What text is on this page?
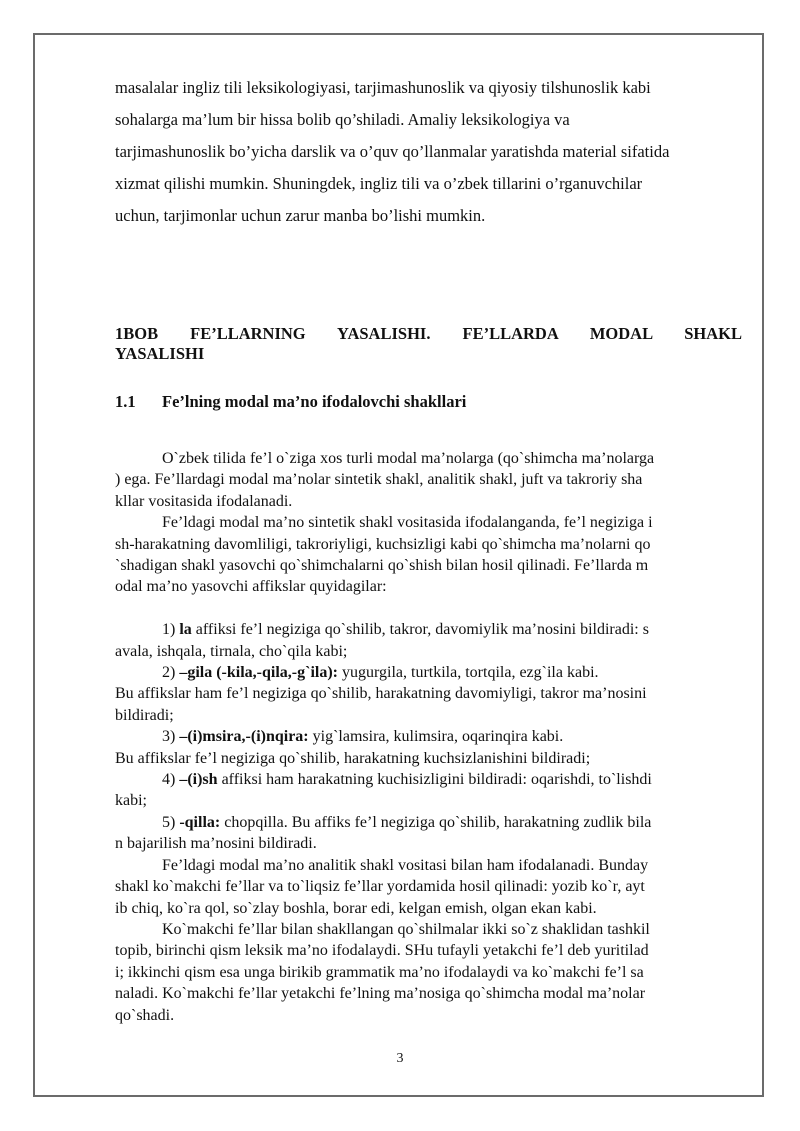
masalalar ingliz tili leksikologiyasi, tarjimashunoslik va qiyosiy tilshunoslik kabi

sohalarga ma’lum bir hissa bolib qo’shiladi. Amaliy leksikologiya va

tarjimashunoslik bo’yicha darslik va o’quv qo’llanmalar yaratishda material sifatida

xizmat qilishi mumkin. Shuningdek, ingliz tili va o’zbek tillarini o’rganuvchilar

uchun, tarjimonlar uchun zarur manba bo’lishi mumkin.

1BOB FE’LLARNING YASALISHI. FE’LLARDA MODAL SHAKL
YASALISHI
1.1 Fe’lning modal ma’no ifodalovchi shakllari
O`zbek tilida fe’l o`ziga xos turli modal ma’nolarga (qo`shimcha ma’nolarga
) ega. Fe’llardagi modal ma’nolar sintetik shakl, analitik shakl, juft va takroriy sha
kllar vositasida ifodalanadi.
Fe’ldagi modal ma’no sintetik shakl vositasida ifodalanganda, fe’l negiziga i
sh-harakatning davomliligi, takroriyligi, kuchsizligi kabi qo`shimcha ma’nolarni qo
`shadigan shakl yasovchi qo`shimchalarni qo`shish bilan hosil qilinadi. Fe’llarda m
odal ma’no yasovchi affikslar quyidagilar:
1) la affiksi fe’l negiziga qo`shilib, takror, davomiylik ma’nosini bildiradi: s
avala, ishqala, tirnala, cho`qila kabi;
2) –gila (-kila,-qila,-g`ila): yugurgila, turtkila, tortqila, ezg`ila kabi.
Bu affikslar ham fe’l negiziga qo`shilib, harakatning davomiyligi, takror ma’nosini
bildiradi;
3) –(i)msira,-(i)nqira: yig`lamsira, kulimsira, oqarinqira kabi.
Bu affikslar fe’l negiziga qo`shilib, harakatning kuchsizlanishini bildiradi;
4) –(i)sh affiksi ham harakatning kuchisizligini bildiradi: oqarishdi, to`lishdi
kabi;
5) -qilla: chopqilla. Bu affiks fe’l negiziga qo`shilib, harakatning zudlik bila
n bajarilish ma’nosini bildiradi.
Fe’ldagi modal ma’no analitik shakl vositasi bilan ham ifodalanadi. Bunday
shakl ko`makchi fe’llar va to`liqsiz fe’llar yordamida hosil qilinadi: yozib ko`r, ayt
ib chiq, ko`ra qol, so`zlay boshla, borar edi, kelgan emish, olgan ekan kabi.
Ko`makchi fe’llar bilan shakllangan qo`shilmalar ikki so`z shaklidan tashkil
topib, birinchi qism leksik ma’no ifodalaydi. SHu tufayli yetakchi fe’l deb yuritilad
i; ikkinchi qism esa unga birikib grammatik ma’no ifodalaydi va ko`makchi fe’l sa
naladi. Ko`makchi fe’llar yetakchi fe’lning ma’nosiga qo`shimcha modal ma’nolar
qo`shadi.
3
